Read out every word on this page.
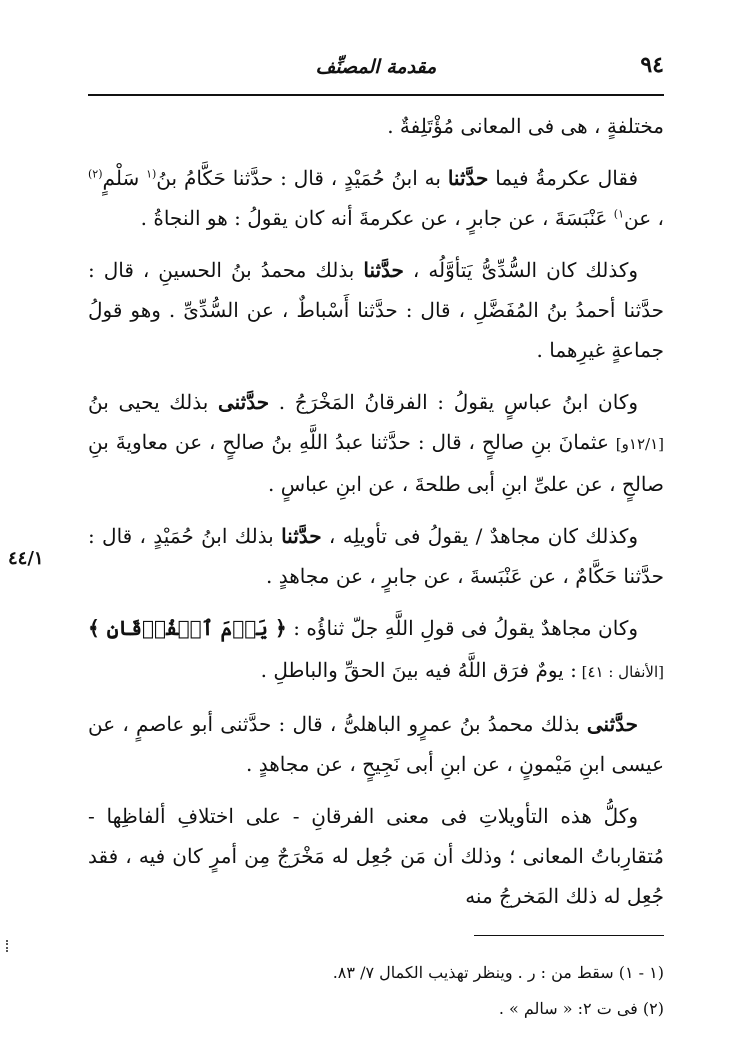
٩٤
مقدمة المصنِّف

مختلفةٍ ، هى فى المعانى مُؤْتَلِفةٌ .

فقال عكرمةُ فيما حدَّثنا به ابنُ حُمَيْدٍ ، قال : حدَّثنا حَكَّامُ بنُ$^{(١}$ سَلْمٍ$^{(٢)}$ ، عن$^{١)}$ عَنْبَسَةَ ، عن جابرٍ ، عن عكرمةَ أنه كان يقولُ : هو النجاةُ .

وكذلك كان السُّدِّىُّ يَتأوَّلُه ، حدَّثنا بذلك محمدُ بنُ الحسينِ ، قال : حدَّثنا أحمدُ بنُ المُفَضَّلِ ، قال : حدَّثنا أَسْباطٌ ، عن السُّدِّىِّ . وهو قولُ جماعةٍ غيرِهما .

وكان ابنُ عباسٍ يقولُ : الفرقانُ المَخْرَجُ . حدَّثنى بذلك يحيى بنُ [١٢/١و] عثمانَ بنِ صالحٍ ، قال : حدَّثنا عبدُ اللَّهِ بنُ صالحٍ ، عن معاويةَ بنِ صالحٍ ، عن علىِّ ابنِ أبى طلحةَ ، عن ابنِ عباسٍ .

وكذلك كان مجاهدٌ / يقولُ فى تأويلِه ، حدَّثنا بذلك ابنُ حُمَيْدٍ ، قال : حدَّثنا حَكَّامٌ ، عن عَنْبَسةَ ، عن جابرٍ ، عن مجاهدٍ .

وكان مجاهدٌ يقولُ فى قولِ اللَّهِ جلّ ثناؤُه : ﴿ يَوۡمَ ٱلۡفُرۡقَانِ ﴾ [الأنفال : ٤١] : يومٌ فرَق اللَّهُ فيه بينَ الحقِّ والباطلِ .

حدَّثنى بذلك محمدُ بنُ عمرٍو الباهلىُّ ، قال : حدَّثنى أبو عاصمٍ ، عن عيسى ابنِ مَيْمونٍ ، عن ابنِ أبى نَجِيحٍ ، عن مجاهدٍ .

وكلُّ هذه التأويلاتِ فى معنى الفرقانِ - على اختلافِ ألفاظِها - مُتقارِباتُ المعانى ؛ وذلك أن مَن جُعِل له مَخْرَجٌ مِن أمرٍ كان فيه ، فقد جُعِل له ذلك المَخرجُ منه

٤٤/١

(١ - ١) سقط من : ر . وينظر تهذيب الكمال ٧/ ٨٣.

(٢) فى ت ٢: « سالم » .
